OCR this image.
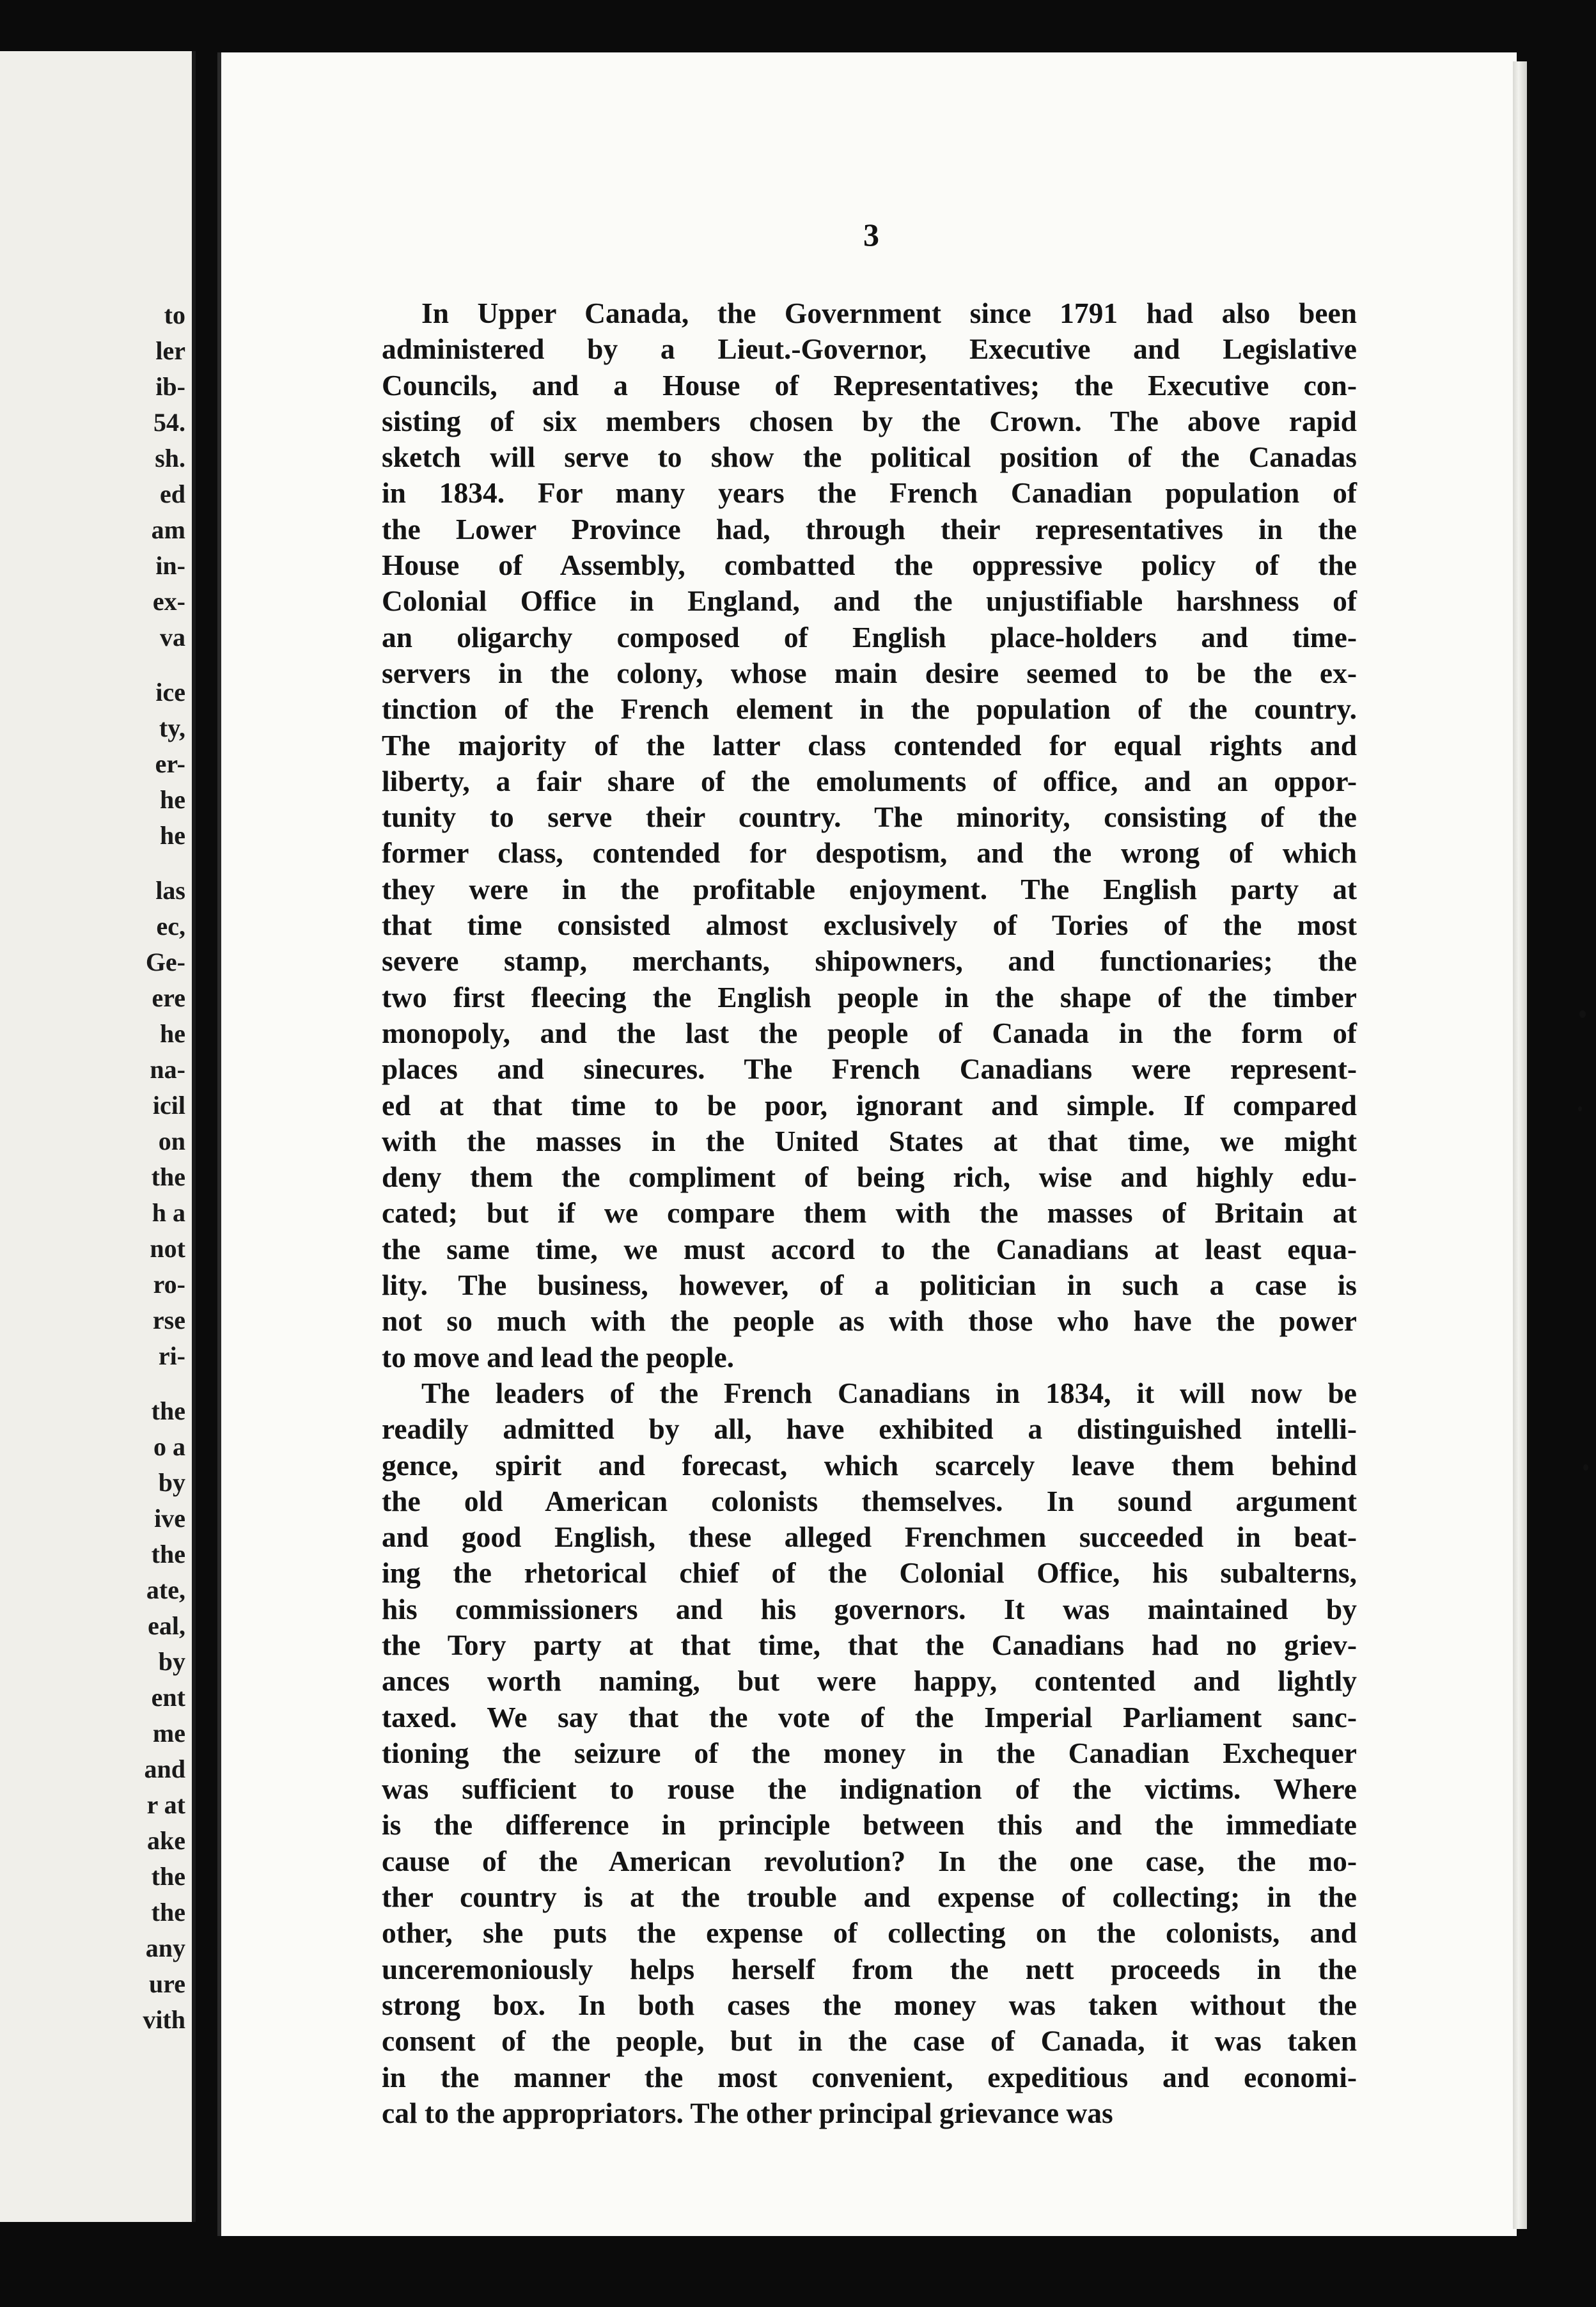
to
ler
ib-
54.
sh.
ed
am
in-
ex-
va
ice
ty,
er-
he
he
las
ec,
Ge-
ere
he
na-
icil
on
the
h a
not
ro-
rse
ri-
the
o a
by
ive
the
ate,
eal,
by
ent
me
and
r at
ake
the
the
any
ure
vith
3

In Upper Canada, the Government since 1791 had also been

administered by a Lieut.-Governor, Executive and Legislative

Councils, and a House of Representatives; the Executive con-

sisting of six members chosen by the Crown. The above rapid

sketch will serve to show the political position of the Canadas

in 1834. For many years the French Canadian population of

the Lower Province had, through their representatives in the

House of Assembly, combatted the oppressive policy of the

Colonial Office in England, and the unjustifiable harshness of

an oligarchy composed of English place-holders and time-

servers in the colony, whose main desire seemed to be the ex-

tinction of the French element in the population of the country.

The majority of the latter class contended for equal rights and

liberty, a fair share of the emoluments of office, and an oppor-

tunity to serve their country. The minority, consisting of the

former class, contended for despotism, and the wrong of which

they were in the profitable enjoyment. The English party at

that time consisted almost exclusively of Tories of the most

severe stamp, merchants, shipowners, and functionaries; the

two first fleecing the English people in the shape of the timber

monopoly, and the last the people of Canada in the form of

places and sinecures. The French Canadians were represent-

ed at that time to be poor, ignorant and simple. If compared

with the masses in the United States at that time, we might

deny them the compliment of being rich, wise and highly edu-

cated; but if we compare them with the masses of Britain at

the same time, we must accord to the Canadians at least equa-

lity. The business, however, of a politician in such a case is

not so much with the people as with those who have the power

to move and lead the people.

The leaders of the French Canadians in 1834, it will now be

readily admitted by all, have exhibited a distinguished intelli-

gence, spirit and forecast, which scarcely leave them behind

the old American colonists themselves. In sound argument

and good English, these alleged Frenchmen succeeded in beat-

ing the rhetorical chief of the Colonial Office, his subalterns,

his commissioners and his governors. It was maintained by

the Tory party at that time, that the Canadians had no griev-

ances worth naming, but were happy, contented and lightly

taxed. We say that the vote of the Imperial Parliament sanc-

tioning the seizure of the money in the Canadian Exchequer

was sufficient to rouse the indignation of the victims. Where

is the difference in principle between this and the immediate

cause of the American revolution? In the one case, the mo-

ther country is at the trouble and expense of collecting; in the

other, she puts the expense of collecting on the colonists, and

unceremoniously helps herself from the nett proceeds in the

strong box. In both cases the money was taken without the

consent of the people, but in the case of Canada, it was taken

in the manner the most convenient, expeditious and economi-

cal to the appropriators. The other principal grievance was
